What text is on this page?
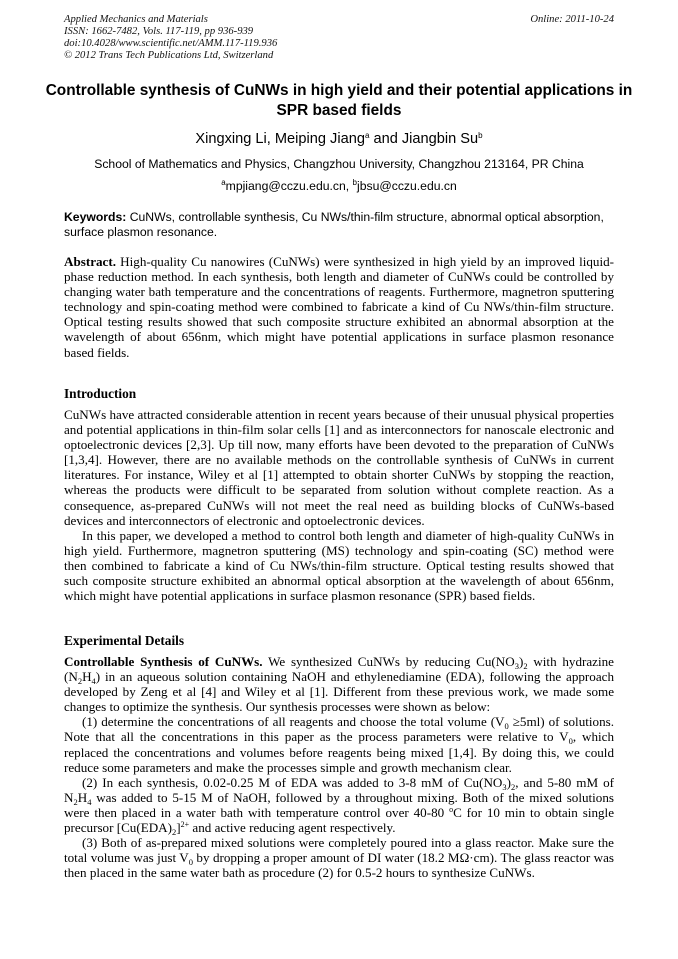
Applied Mechanics and Materials
ISSN: 1662-7482, Vols. 117-119, pp 936-939
doi:10.4028/www.scientific.net/AMM.117-119.936
© 2012 Trans Tech Publications Ltd, Switzerland
Online: 2011-10-24
Controllable synthesis of CuNWs in high yield and their potential applications in SPR based fields
Xingxing Li, Meiping Jiang$^a$ and Jiangbin Su$^b$
School of Mathematics and Physics, Changzhou University, Changzhou 213164, PR China
$^a$mpjiang@cczu.edu.cn, $^b$jbsu@cczu.edu.cn
Keywords: CuNWs, controllable synthesis, Cu NWs/thin-film structure, abnormal optical absorption, surface plasmon resonance.
Abstract. High-quality Cu nanowires (CuNWs) were synthesized in high yield by an improved liquid-phase reduction method. In each synthesis, both length and diameter of CuNWs could be controlled by changing water bath temperature and the concentrations of reagents. Furthermore, magnetron sputtering technology and spin-coating method were combined to fabricate a kind of Cu NWs/thin-film structure. Optical testing results showed that such composite structure exhibited an abnormal absorption at the wavelength of about 656nm, which might have potential applications in surface plasmon resonance based fields.
Introduction

CuNWs have attracted considerable attention in recent years because of their unusual physical properties and potential applications in thin-film solar cells [1] and as interconnectors for nanoscale electronic and optoelectronic devices [2,3]. Up till now, many efforts have been devoted to the preparation of CuNWs [1,3,4]. However, there are no available methods on the controllable synthesis of CuNWs in current literatures. For instance, Wiley et al [1] attempted to obtain shorter CuNWs by stopping the reaction, whereas the products were difficult to be separated from solution without complete reaction. As a consequence, as-prepared CuNWs will not meet the real need as building blocks of CuNWs-based devices and interconnectors of electronic and optoelectronic devices.

In this paper, we developed a method to control both length and diameter of high-quality CuNWs in high yield. Furthermore, magnetron sputtering (MS) technology and spin-coating (SC) method were then combined to fabricate a kind of Cu NWs/thin-film structure. Optical testing results showed that such composite structure exhibited an abnormal optical absorption at the wavelength of about 656nm, which might have potential applications in surface plasmon resonance (SPR) based fields.

Experimental Details

Controllable Synthesis of CuNWs. We synthesized CuNWs by reducing $Cu(NO_3)_2$ with hydrazine $(N_2H_4)$ in an aqueous solution containing NaOH and ethylenediamine (EDA), following the approach developed by Zeng et al [4] and Wiley et al [1]. Different from these previous work, we made some changes to optimize the synthesis. Our synthesis processes were shown as below:

(1) determine the concentrations of all reagents and choose the total volume $(V_0 \ge 5ml)$ of solutions. Note that all the concentrations in this paper as the process parameters were relative to $V_0$, which replaced the concentrations and volumes before reagents being mixed [1,4]. By doing this, we could reduce some parameters and make the processes simple and growth mechanism clear.

(2) In each synthesis, 0.02-0.25 M of EDA was added to 3-8 mM of $Cu(NO_3)_2$, and 5-80 mM of $N_2H_4$ was added to 5-15 M of NaOH, followed by a throughout mixing. Both of the mixed solutions were then placed in a water bath with temperature control over 40-80 $^o$C for 10 min to obtain single precursor $[Cu(EDA)_2]^{2+}$ and active reducing agent respectively.

(3) Both of as-prepared mixed solutions were completely poured into a glass reactor. Make sure the total volume was just $V_0$ by dropping a proper amount of DI water (18.2 MΩ·cm). The glass reactor was then placed in the same water bath as procedure (2) for 0.5-2 hours to synthesize CuNWs.
